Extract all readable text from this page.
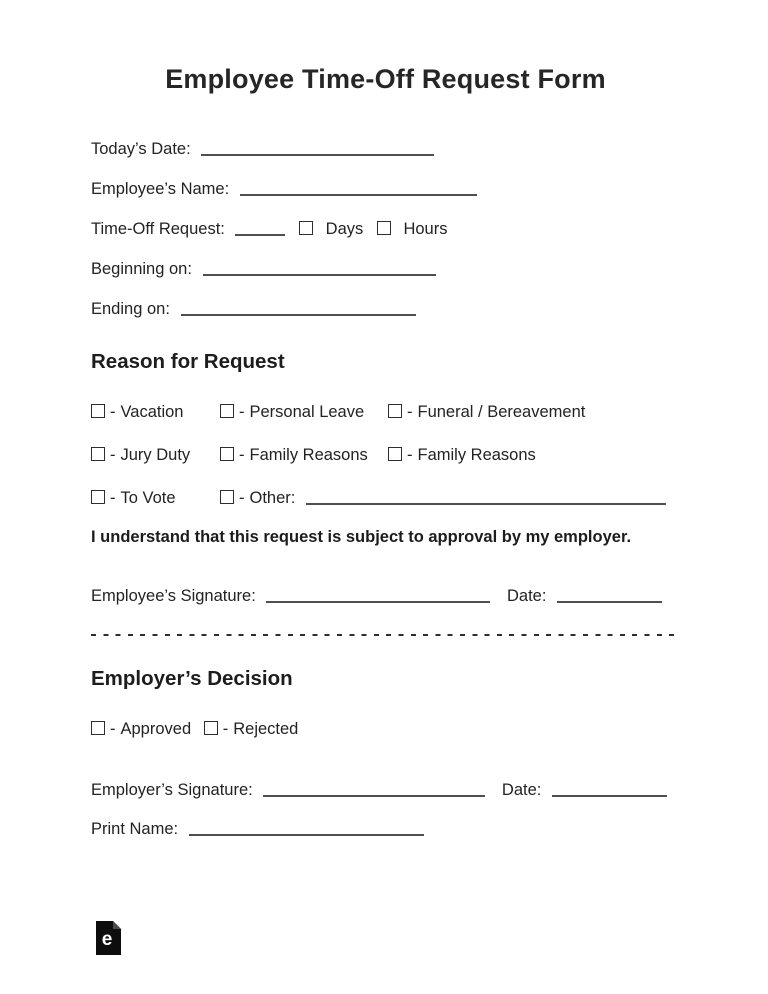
Employee Time-Off Request Form
Today’s Date:
Employee’s Name:
Time-Off Request:	Days Hours
Beginning on:
Ending on:
Reason for Request
- Vacation	- Personal Leave	- Funeral / Bereavement
- Jury Duty	- Family Reasons	- Family Reasons
- To Vote	- Other:

I understand that this request is subject to approval by my employer.

Employee’s Signature:	Date:
Employer’s Decision
- Approved - Rejected
Employer’s Signature:	Date:
Print Name:
e
